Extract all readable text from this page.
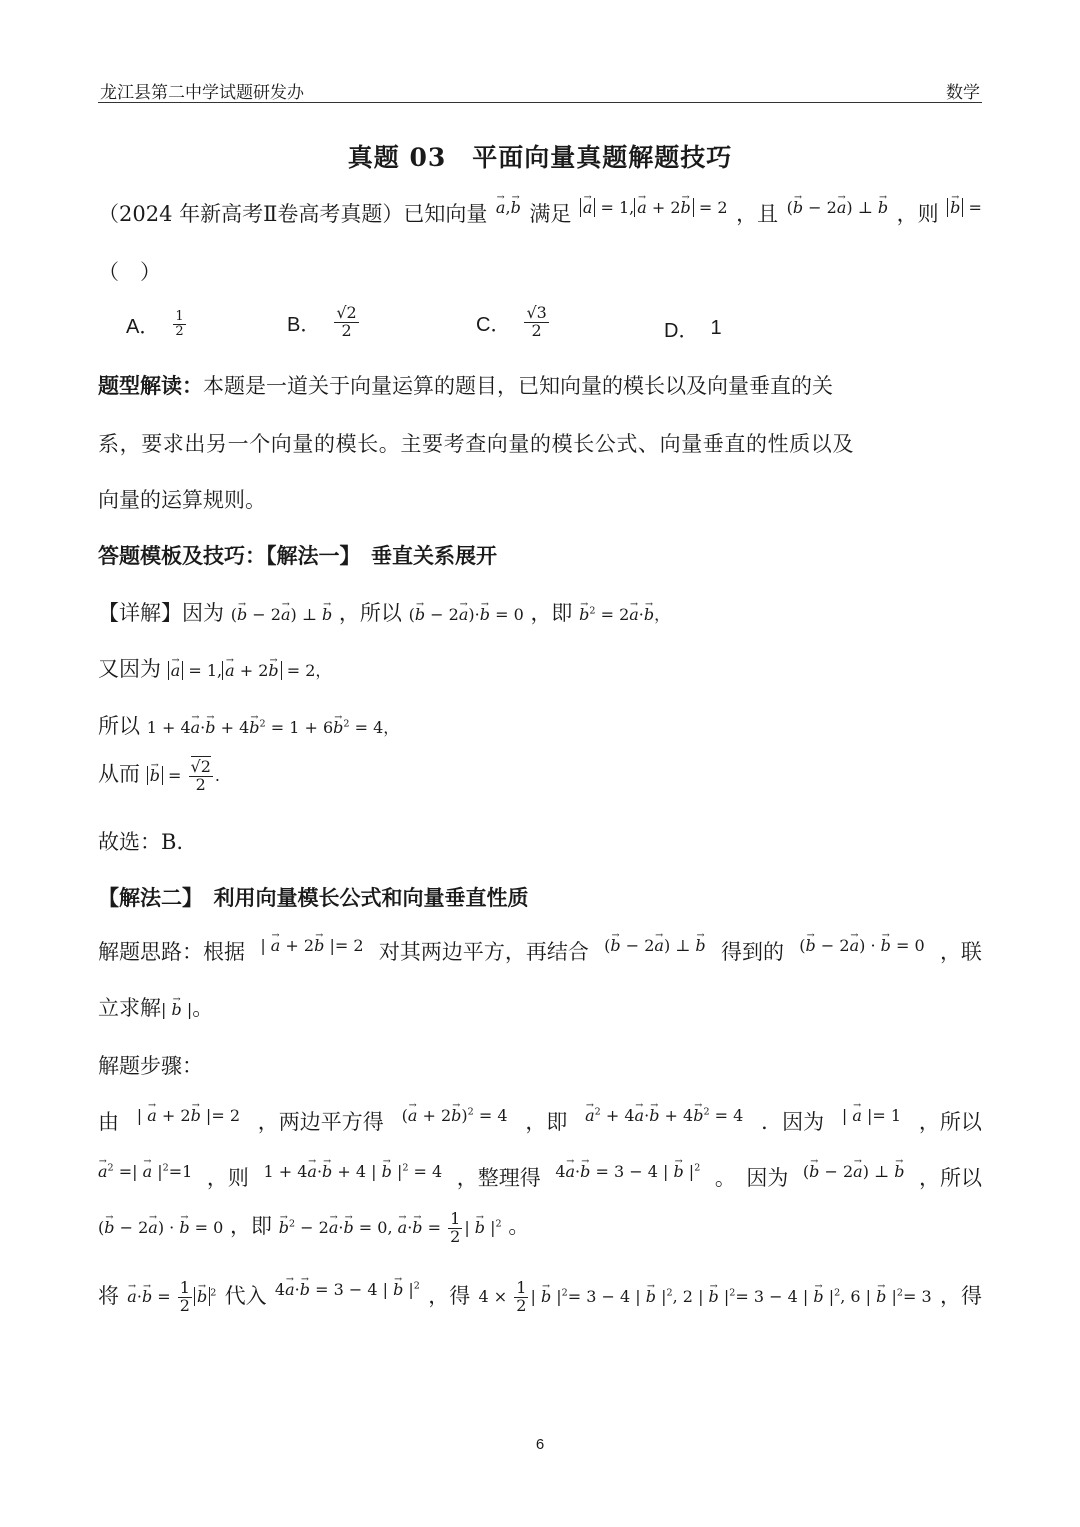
龙江县第二中学试题研发办	数学
真题 03　平面向量真题解题技巧
（2024 年新高考Ⅱ卷高考真题）已知向量
→ a,→ b 满足
→ a = 1,→ a + 2→ b = 2 ，且 (→ b − 2→ a) ⊥ → b ，则
→ b =
（　）
A． $\frac{1}{2}$	B． $\frac{√2}{2}$	C． $\frac{√3}{2}$	D． 1
题型解读：本题是一道关于向量运算的题目，已知向量的模长以及向量垂直的关
系，要求出另一个向量的模长。主要考查向量的模长公式、向量垂直的性质以及
向量的运算规则。
答题模板及技巧：【解法一】　垂直关系展开
【详解】因为 (→ b − 2→ a) ⊥ → b ，所以 (→ b − 2→ a)·→ b = 0 ，即 → $b^2 = 2\to a\cdot\to b$，
又因为 → a = 1,→ a + 2→ b = 2，
所以 $1 + 4\to a\cdot\to b + 4\to b^2 = 1 + 6\to b^2 = 4$，
从而 → $b = \frac{√2}{2}$ .
故选：B.
【解法二】　利用向量模长公式和向量垂直性质
解题思路：根据 | → a + 2→ b |= 2 对其两边平方，再结合 (→ b − 2→ a) ⊥ → b 得到的 (→ b − 2→ a) · → b = 0 ，联
立求解| → b |。
解题步骤：
由 | → a + 2→ b |= 2 ，两边平方得 (→ a + 2→ b)$^2$ = 4 ，即
→ $a^2 + 4\to a\cdot\to b + 4\to b^2 = 4$ ．因为 | → a |= 1 ，所以
→ $a^2$ =| → a $|^2=1$ ，则 1 + 4→ a·→ b + 4 | → b $|^2 = 4$ ，整理得 4→ a·→ b = 3 − 4 | → b $|^2$ 。　因为 (→ b − 2→ a) ⊥ → b ，所以
(→ b − 2→ a) · → b = 0 ，即 → $b^2 - 2\to a\cdot\to b = 0$, → $a\cdot\to b = \frac{1}{2}$ | → b $|^2$ 。
将
→ $a\cdot\to b = \frac{1}{2}$
→ b $^2$ 代入 4→ a·→ b = 3 − 4 | → b $|^2$ ，得 $4 \times \frac{1}{2}$ | → b $|^2= 3 - 4$ | → b $|^2$, 2 | → b $|^2= 3 - 4$ | → b $|^2$, 6 | → b $|^2= 3$ ，得
6
